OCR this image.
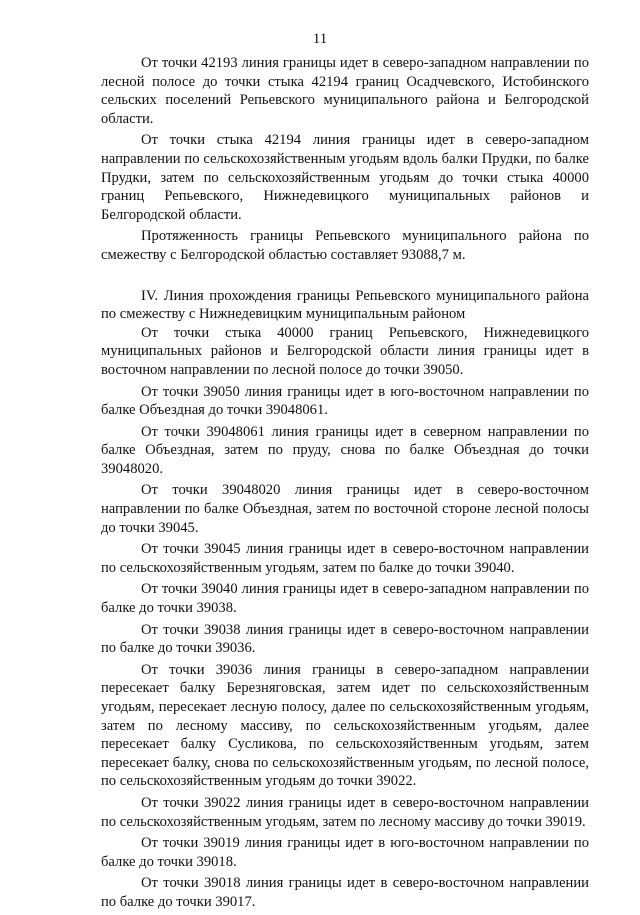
11

От точки 42193 линия границы идет в северо-западном направлении по лесной полосе до точки стыка 42194 границ Осадчевского, Истобинского сельских поселений Репьевского муниципального района и Белгородской области.

От точки стыка 42194 линия границы идет в северо-западном направлении по сельскохозяйственным угодьям вдоль балки Прудки, по балке Прудки, затем по сельскохозяйственным угодьям до точки стыка 40000 границ Репьевского, Нижнедевицкого муниципальных районов и Белгородской области.

Протяженность границы Репьевского муниципального района по смежеству с Белгородской областью составляет 93088,7 м.

IV. Линия прохождения границы Репьевского муниципального района по смежеству с Нижнедевицким муниципальным районом

От точки стыка 40000 границ Репьевского, Нижнедевицкого муниципальных районов и Белгородской области линия границы идет в восточном направлении по лесной полосе до точки 39050.

От точки 39050 линия границы идет в юго-восточном направлении по балке Объездная до точки 39048061.

От точки 39048061 линия границы идет в северном направлении по балке Объездная, затем по пруду, снова по балке Объездная до точки 39048020.

От точки 39048020 линия границы идет в северо-восточном направлении по балке Объездная, затем по восточной стороне лесной полосы до точки 39045.

От точки 39045 линия границы идет в северо-восточном направлении по сельскохозяйственным угодьям, затем по балке до точки 39040.

От точки 39040 линия границы идет в северо-западном направлении по балке до точки 39038.

От точки 39038 линия границы идет в северо-восточном направлении по балке до точки 39036.

От точки 39036 линия границы в северо-западном направлении пересекает балку Березняговская, затем идет по сельскохозяйственным угодьям, пересекает лесную полосу, далее по сельскохозяйственным угодьям, затем по лесному массиву, по сельскохозяйственным угодьям, далее пересекает балку Сусликова, по сельскохозяйственным угодьям, затем пересекает балку, снова по сельскохозяйственным угодьям, по лесной полосе, по сельскохозяйственным угодьям до точки 39022.

От точки 39022 линия границы идет в северо-восточном направлении по сельскохозяйственным угодьям, затем по лесному массиву до точки 39019.

От точки 39019 линия границы идет в юго-восточном направлении по балке до точки 39018.

От точки 39018 линия границы идет в северо-восточном направлении по балке до точки 39017.
